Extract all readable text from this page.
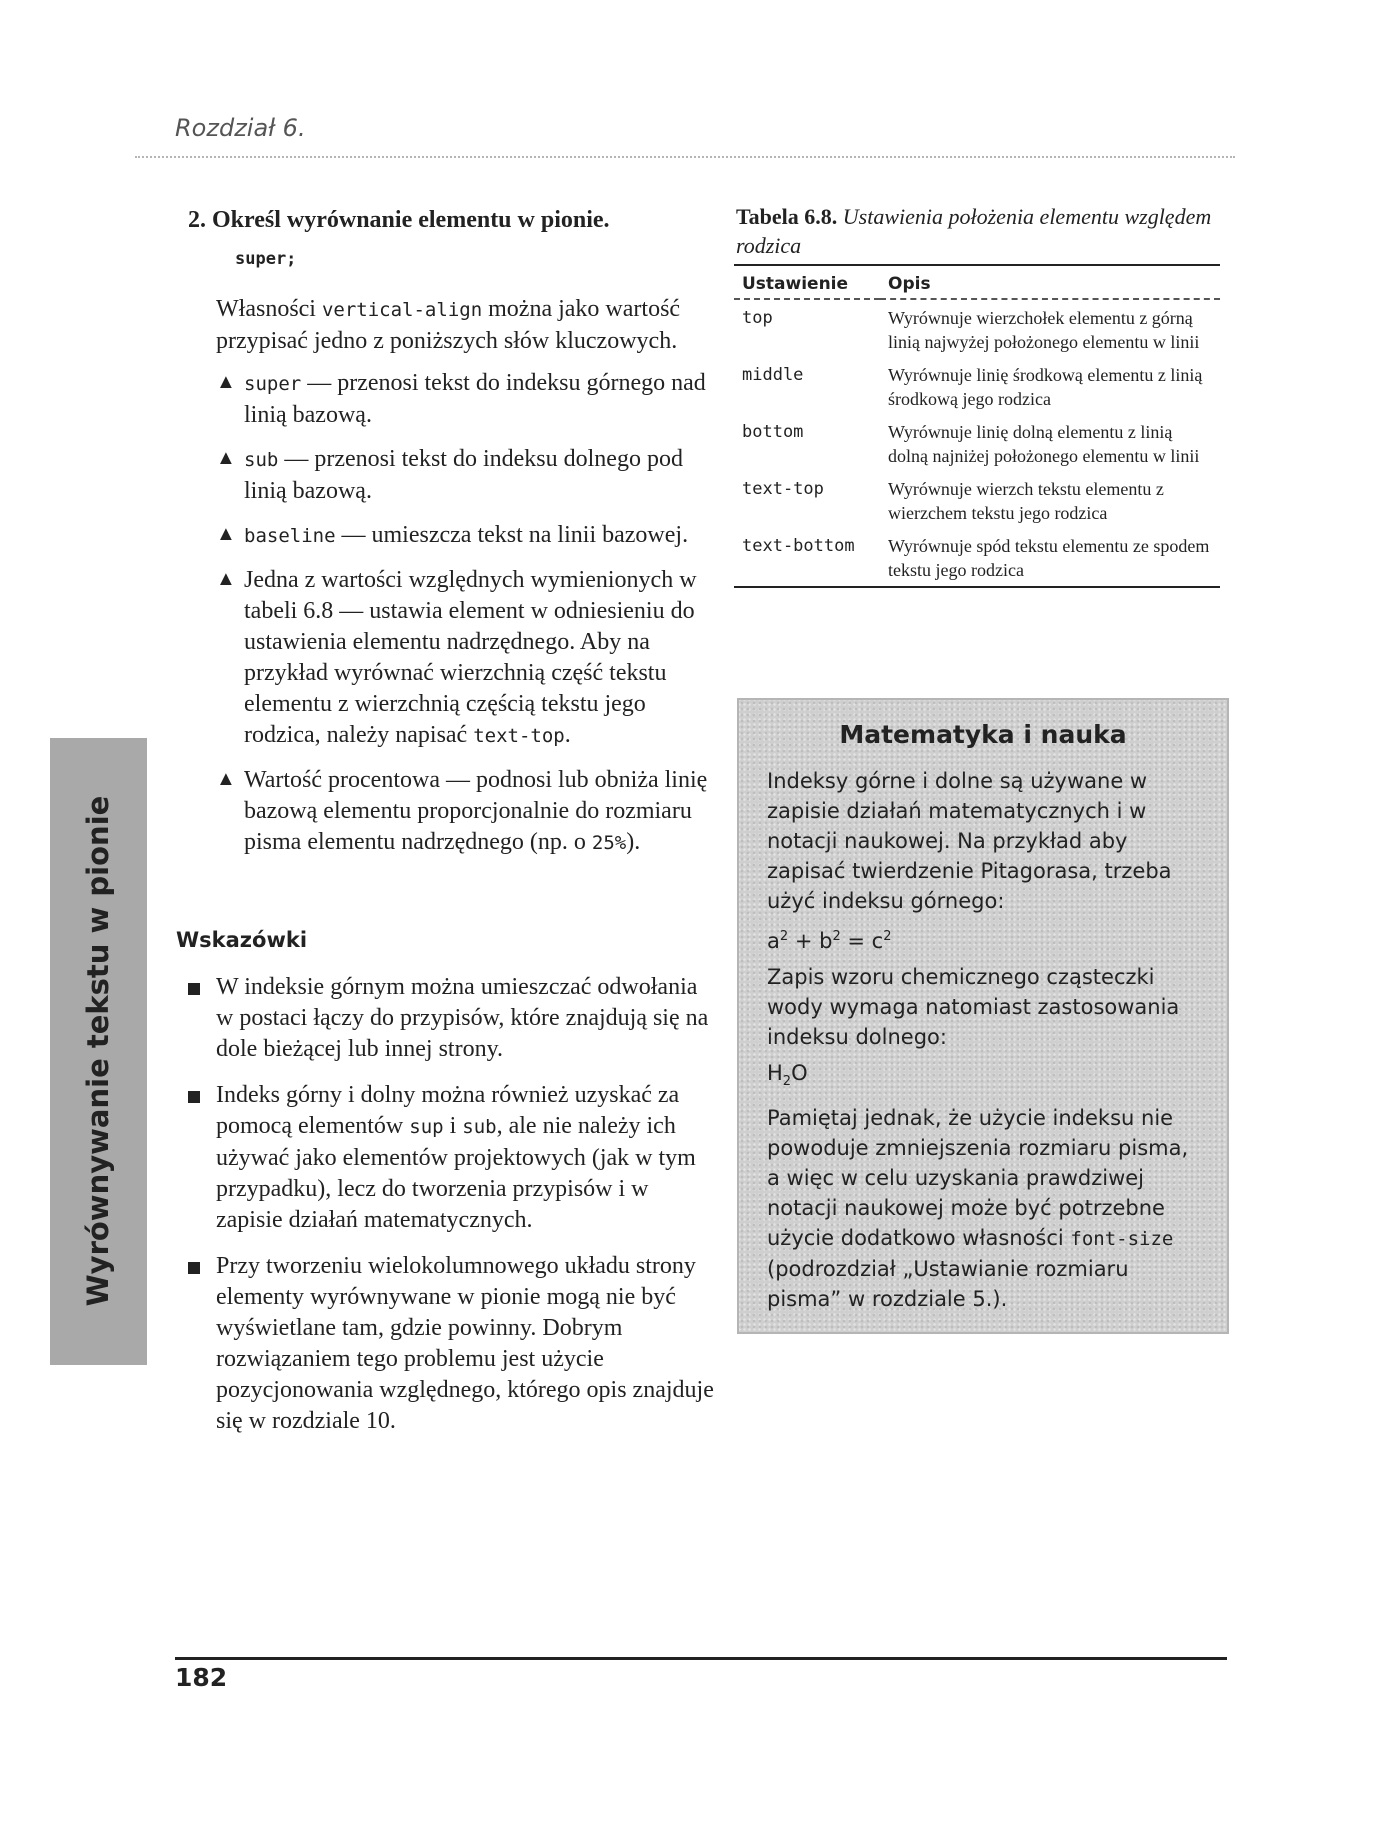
Rozdział 6.
Wyrównywanie tekstu w pionie
2. Określ wyrównanie elementu w pionie.
super;
Własności vertical-align można jako wartość przypisać jedno z poniższych słów kluczowych.
▲ super — przenosi tekst do indeksu górnego nad linią bazową.
▲ sub — przenosi tekst do indeksu dolnego pod linią bazową.
▲ baseline — umieszcza tekst na linii bazowej.
▲ Jedna z wartości względnych wymienionych w tabeli 6.8 — ustawia element w odniesieniu do ustawienia elementu nadrzędnego. Aby na przykład wyrównać wierzchnią część tekstu elementu z wierzchnią częścią tekstu jego rodzica, należy napisać text-top.
▲ Wartość procentowa — podnosi lub obniża linię bazową elementu proporcjonalnie do rozmiaru pisma elementu nadrzędnego (np. o 25%).
Wskazówki
W indeksie górnym można umieszczać odwołania w postaci łączy do przypisów, które znajdują się na dole bieżącej lub innej strony.
Indeks górny i dolny można również uzyskać za pomocą elementów sup i sub, ale nie należy ich używać jako elementów projektowych (jak w tym przypadku), lecz do tworzenia przypisów i w zapisie działań matematycznych.
Przy tworzeniu wielokolumnowego układu strony elementy wyrównywane w pionie mogą nie być wyświetlane tam, gdzie powinny. Dobrym rozwiązaniem tego problemu jest użycie pozycjonowania względnego, którego opis znajduje się w rozdziale 10.
Tabela 6.8. Ustawienia położenia elementu względem rodzica
Ustawienie	Opis
top	Wyrównuje wierzchołek elementu z górną linią najwyżej położonego elementu w linii
middle	Wyrównuje linię środkową elementu z linią środkową jego rodzica
bottom	Wyrównuje linię dolną elementu z linią dolną najniżej położonego elementu w linii
text-top	Wyrównuje wierzch tekstu elementu z wierzchem tekstu jego rodzica
text-bottom	Wyrównuje spód tekstu elementu ze spodem tekstu jego rodzica
Matematyka i nauka

Indeksy górne i dolne są używane w zapisie działań matematycznych i w notacji naukowej. Na przykład aby zapisać twierdzenie Pitagorasa, trzeba użyć indeksu górnego:

$a^2 + b^2 = c^2$

Zapis wzoru chemicznego cząsteczki wody wymaga natomiast zastosowania indeksu dolnego:

$H_2O$

Pamiętaj jednak, że użycie indeksu nie powoduje zmniejszenia rozmiaru pisma, a więc w celu uzyskania prawdziwej notacji naukowej może być potrzebne użycie dodatkowo własności font-size (podrozdział „Ustawianie rozmiaru pisma” w rozdziale 5.).

182
